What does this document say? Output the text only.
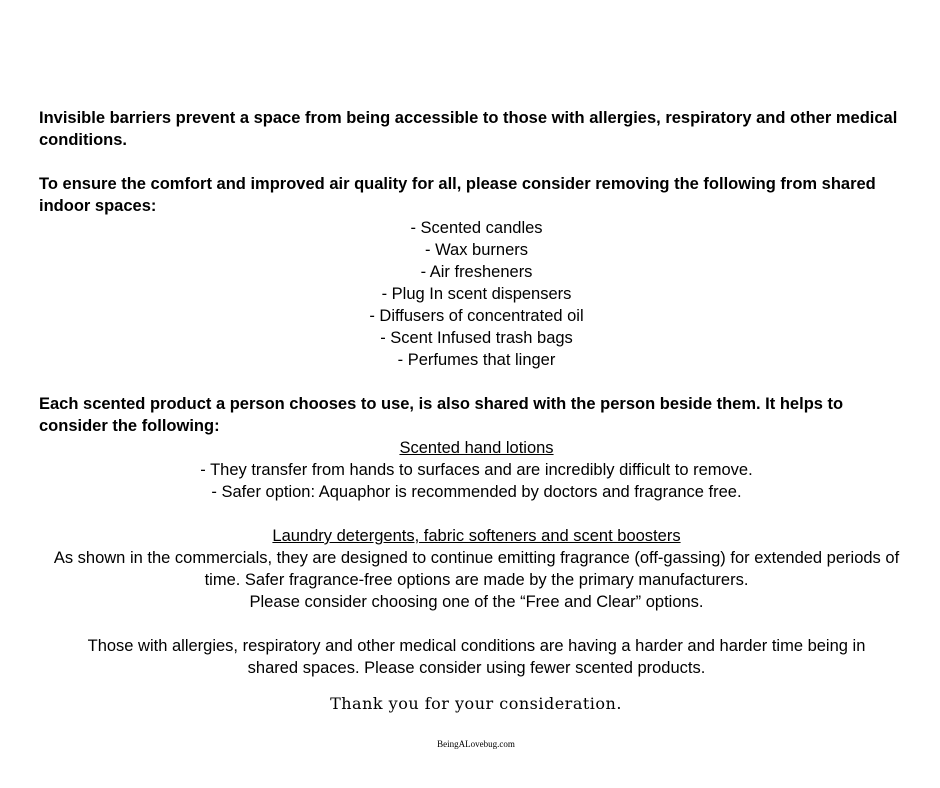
Invisible barriers prevent a space from being accessible to those with allergies, respiratory and other medical conditions.

To ensure the comfort and improved air quality for all, please consider removing the following from shared indoor spaces:

- Scented candles
- Wax burners
- Air fresheners
- Plug In scent dispensers
- Diffusers of concentrated oil
- Scent Infused trash bags
- Perfumes that linger

Each scented product a person chooses to use, is also shared with the person beside them. It helps to consider the following:

Scented hand lotions

- They transfer from hands to surfaces and are incredibly difficult to remove.

- Safer option: Aquaphor is recommended by doctors and fragrance free.

Laundry detergents, fabric softeners and scent boosters

As shown in the commercials, they are designed to continue emitting fragrance (off-gassing) for extended periods of time. Safer fragrance-free options are made by the primary manufacturers.

Please consider choosing one of the “Free and Clear” options.

Those with allergies, respiratory and other medical conditions are having a harder and harder time being in shared spaces. Please consider using fewer scented products.

Thank you for your consideration.

BeingALovebug.com
